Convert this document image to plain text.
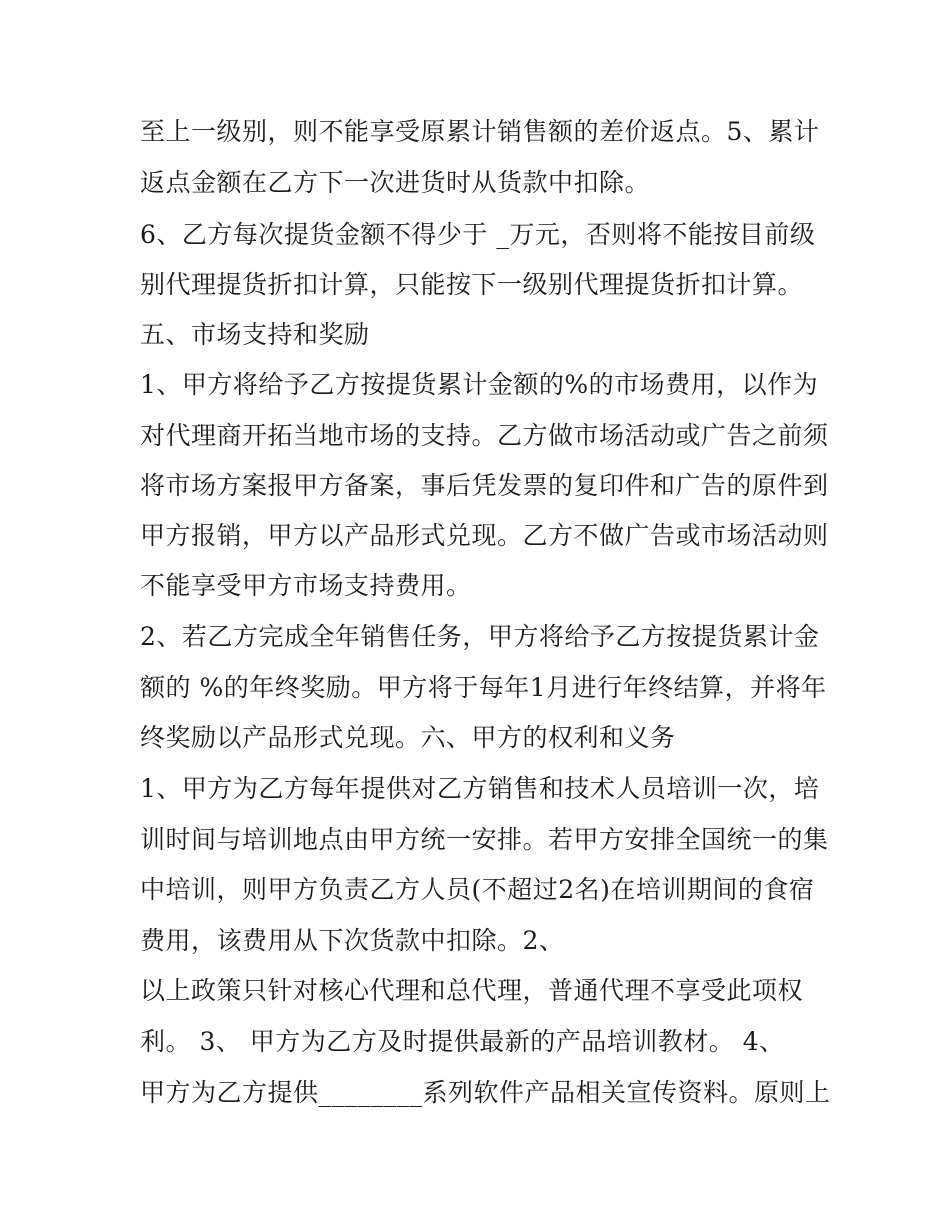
至上一级别，则不能享受原累计销售额的差价返点。5、累计
返点金额在乙方下一次进货时从货款中扣除。
6、乙方每次提货金额不得少于 _万元，否则将不能按目前级
别代理提货折扣计算，只能按下一级别代理提货折扣计算。
五、市场支持和奖励
1、甲方将给予乙方按提货累计金额的%的市场费用，以作为
对代理商开拓当地市场的支持。乙方做市场活动或广告之前须
将市场方案报甲方备案，事后凭发票的复印件和广告的原件到
甲方报销，甲方以产品形式兑现。乙方不做广告或市场活动则
不能享受甲方市场支持费用。
2、若乙方完成全年销售任务，甲方将给予乙方按提货累计金
额的 %的年终奖励。甲方将于每年1月进行年终结算，并将年
终奖励以产品形式兑现。六、甲方的权利和义务
1、甲方为乙方每年提供对乙方销售和技术人员培训一次，培
训时间与培训地点由甲方统一安排。若甲方安排全国统一的集
中培训，则甲方负责乙方人员(不超过2名)在培训期间的食宿
费用，该费用从下次货款中扣除。2、
以上政策只针对核心代理和总代理，普通代理不享受此项权
利。 3、 甲方为乙方及时提供最新的产品培训教材。 4、
甲方为乙方提供________系列软件产品相关宣传资料。原则上
